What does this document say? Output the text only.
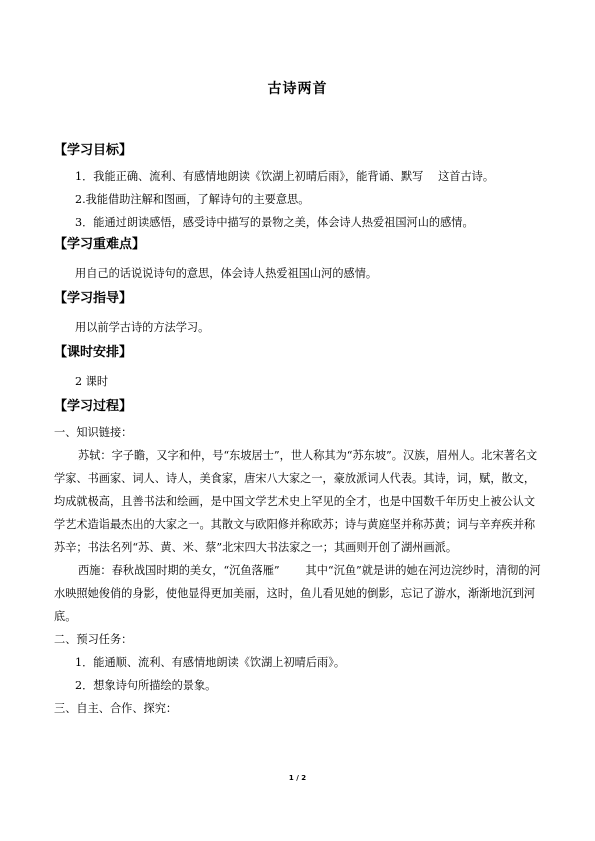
古诗两首
【学习目标】

1．我能正确、流利、有感情地朗读《饮湖上初晴后雨》，能背诵、默写　 这首古诗。

2.我能借助注解和图画，了解诗句的主要意思。

3．能通过朗读感悟，感受诗中描写的景物之美，体会诗人热爱祖国河山的感情。

【学习重难点】

用自己的话说说诗句的意思，体会诗人热爱祖国山河的感情。

【学习指导】

用以前学古诗的方法学习。

【课时安排】

2 课时

【学习过程】

一、知识链接：

苏轼：字子瞻，又字和仲，号“东坡居士”，世人称其为“苏东坡”。汉族，眉州人。北宋著名文学家、书画家、词人、诗人，美食家，唐宋八大家之一，豪放派词人代表。其诗，词，赋，散文，均成就极高，且善书法和绘画，是中国文学艺术史上罕见的全才，也是中国数千年历史上被公认文学艺术造诣最杰出的大家之一。其散文与欧阳修并称欧苏；诗与黄庭坚并称苏黄；词与辛弃疾并称苏辛；书法名列“苏、黄、米、蔡”北宋四大书法家之一；其画则开创了湖州画派。

西施：春秋战国时期的美女，“沉鱼落雁”　 　其中“沉鱼”就是讲的她在河边浣纱时，清彻的河水映照她俊俏的身影，使他显得更加美丽，这时，鱼儿看见她的倒影，忘记了游水，渐渐地沉到河底。

二、预习任务：

1．能通顺、流利、有感情地朗读《饮湖上初晴后雨》。

2．想象诗句所描绘的景象。

三、自主、合作、探究：

1 / 2
